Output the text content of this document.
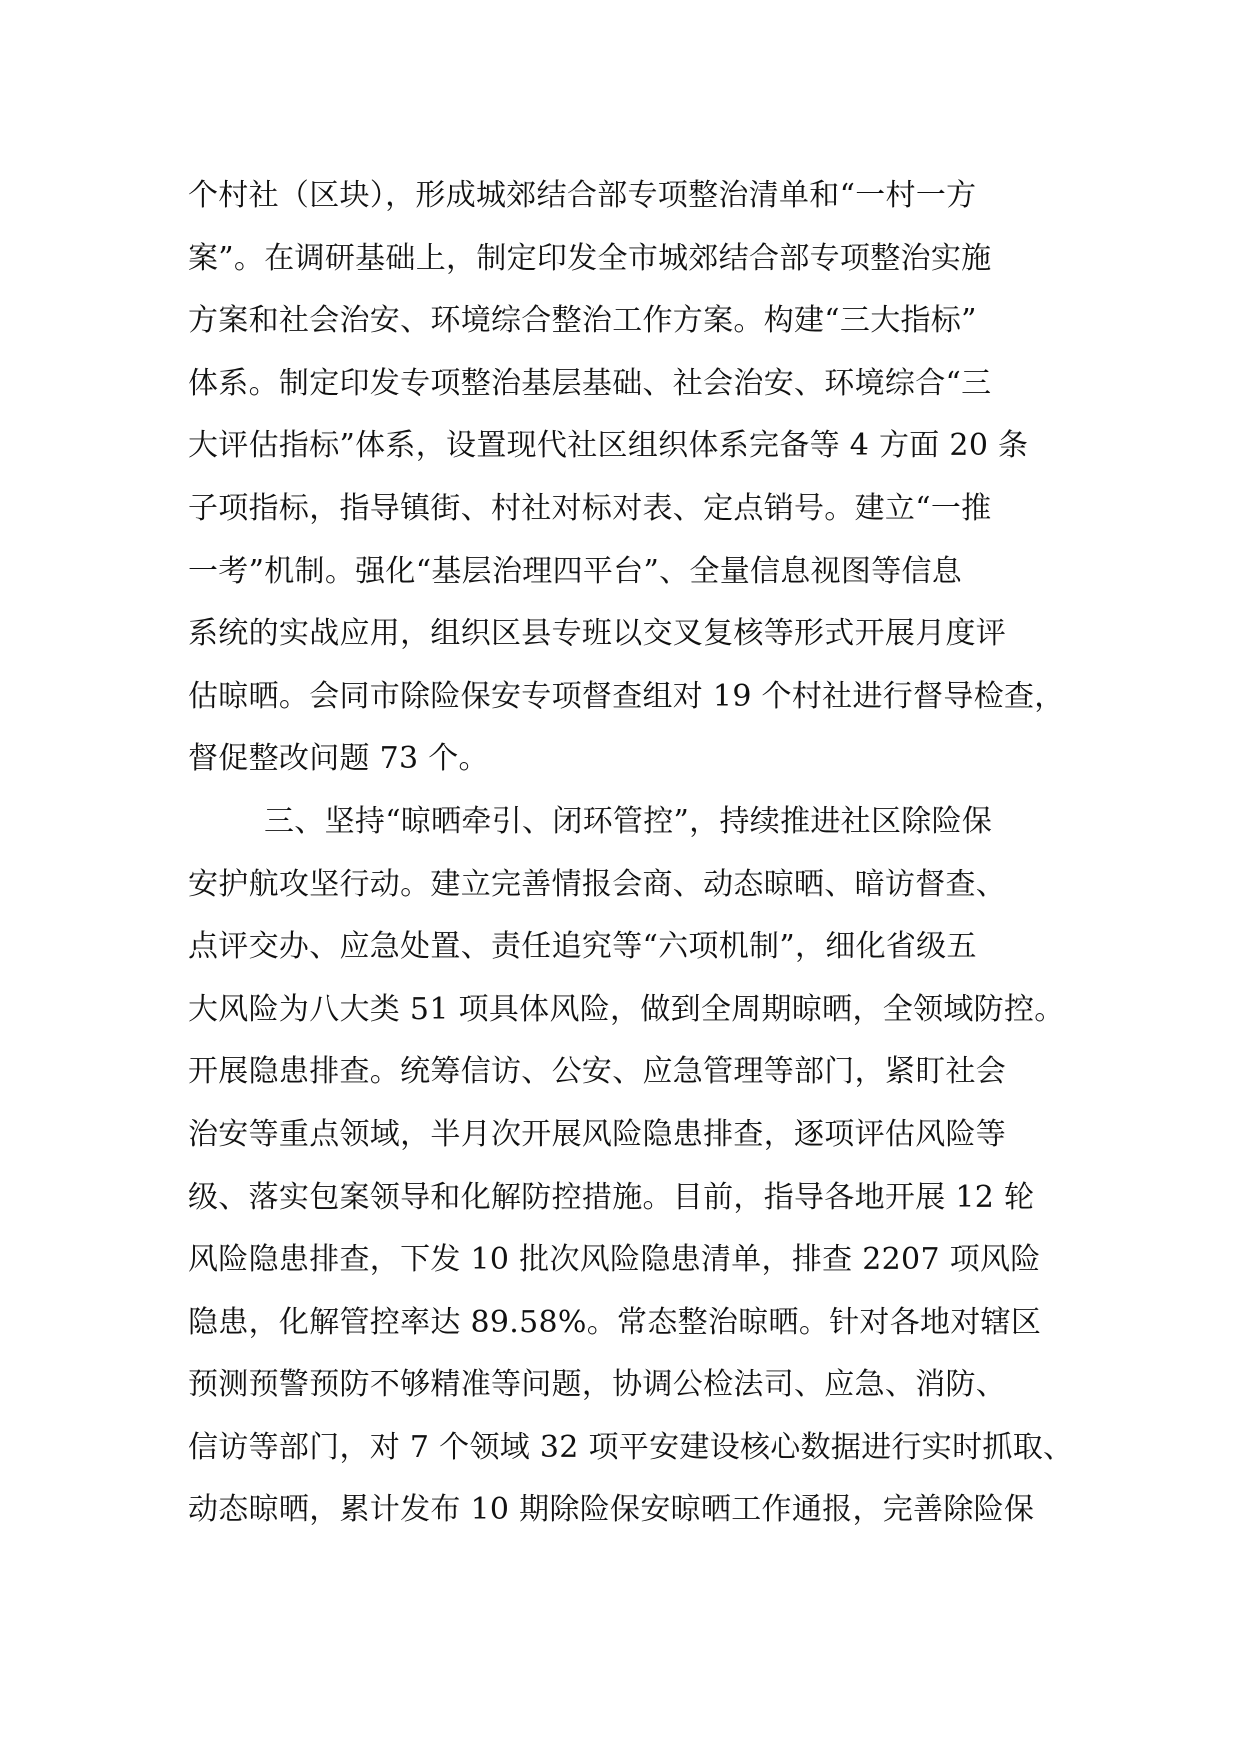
个村社（区块），形成城郊结合部专项整治清单和“一村一方
案”。在调研基础上，制定印发全市城郊结合部专项整治实施
方案和社会治安、环境综合整治工作方案。构建“三大指标”
体系。制定印发专项整治基层基础、社会治安、环境综合“三
大评估指标”体系，设置现代社区组织体系完备等 4 方面 20 条
子项指标，指导镇街、村社对标对表、定点销号。建立“一推
一考”机制。强化“基层治理四平台”、全量信息视图等信息
系统的实战应用，组织区县专班以交叉复核等形式开展月度评
估晾晒。会同市除险保安专项督查组对 19 个村社进行督导检查，
督促整改问题 73 个。
三、坚持“晾晒牵引、闭环管控”，持续推进社区除险保
安护航攻坚行动。建立完善情报会商、动态晾晒、暗访督查、
点评交办、应急处置、责任追究等“六项机制”，细化省级五
大风险为八大类 51 项具体风险，做到全周期晾晒，全领域防控。
开展隐患排查。统筹信访、公安、应急管理等部门，紧盯社会
治安等重点领域，半月次开展风险隐患排查，逐项评估风险等
级、落实包案领导和化解防控措施。目前，指导各地开展 12 轮
风险隐患排查，下发 10 批次风险隐患清单，排查 2207 项风险
隐患，化解管控率达 89.58%。常态整治晾晒。针对各地对辖区
预测预警预防不够精准等问题，协调公检法司、应急、消防、
信访等部门，对 7 个领域 32 项平安建设核心数据进行实时抓取、
动态晾晒，累计发布 10 期除险保安晾晒工作通报，完善除险保
